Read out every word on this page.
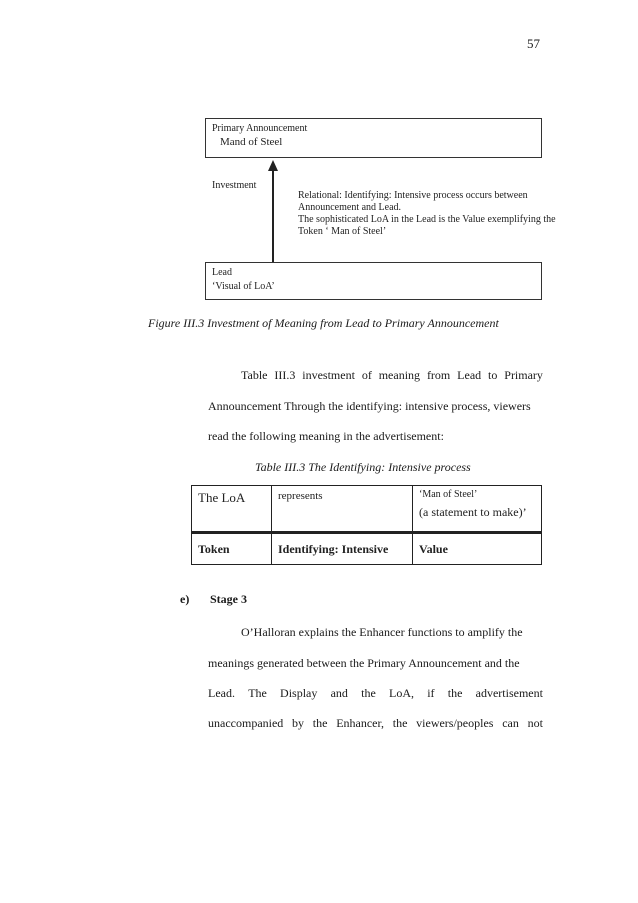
57
Primary Announcement
Mand of Steel
Investment
Relational: Identifying: Intensive process occurs between
Announcement and Lead.
The sophisticated LoA in the Lead is the Value exemplifying the
Token ‘ Man of Steel’
Lead
‘Visual of LoA’
Figure III.3 Investment of Meaning from Lead to Primary Announcement
Table III.3 investment of meaning from Lead to Primary
Announcement Through the identifying: intensive process, viewers
read the following meaning in the advertisement:
Table III.3 The Identifying: Intensive process
The LoA	represents	‘Man of Steel’
(a statement to make)’
Token	Identifying: Intensive	Value
e) Stage 3
O’Halloran explains the Enhancer functions to amplify the
meanings generated between the Primary Announcement and the
Lead. The Display and the LoA, if the advertisement
unaccompanied by the Enhancer, the viewers/peoples can not
